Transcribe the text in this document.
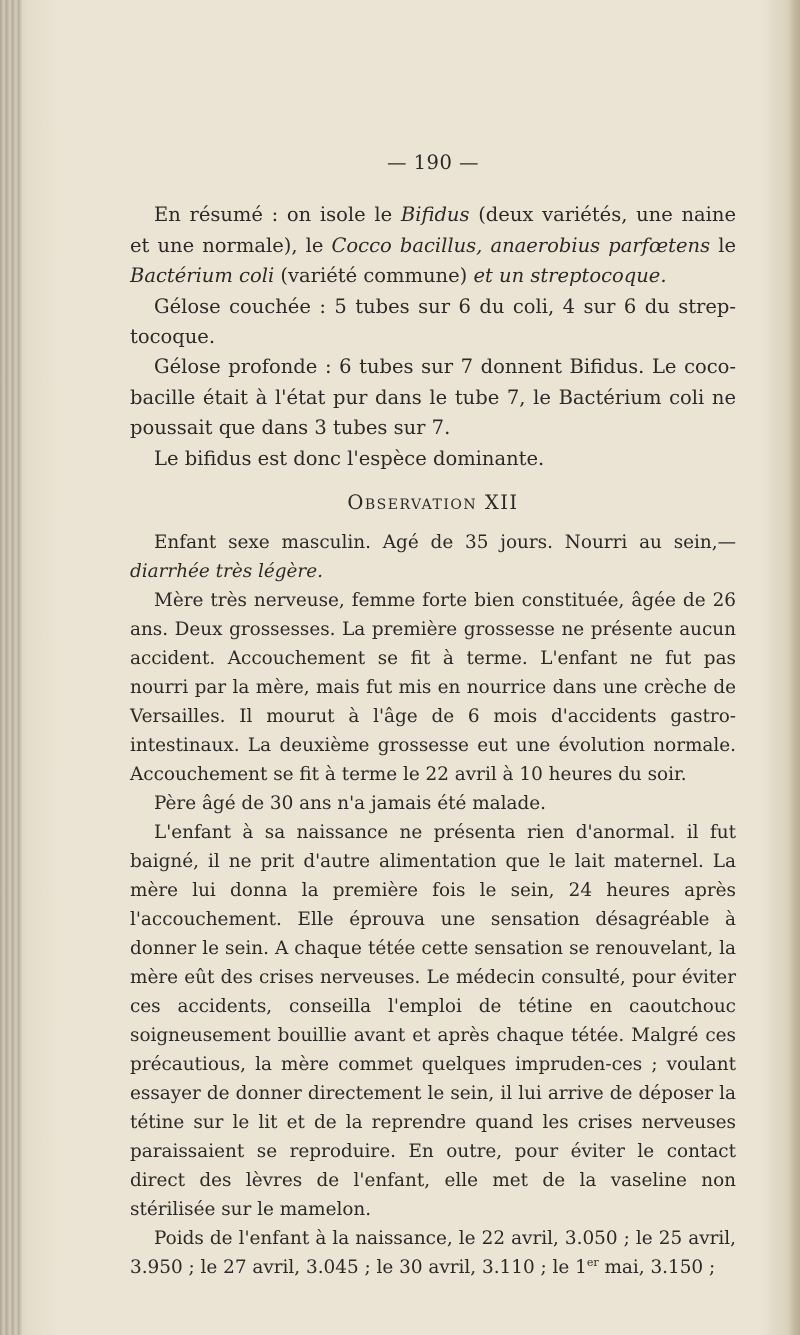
— 190 —

En résumé : on isole le Bifidus (deux variétés, une naine et une normale), le Cocco bacillus, anaerobius parfœtens le Bactérium coli (variété commune) et un streptocoque.

Gélose couchée : 5 tubes sur 6 du coli, 4 sur 6 du strep-tocoque.

Gélose profonde : 6 tubes sur 7 donnent Bifidus. Le coco-bacille était à l'état pur dans le tube 7, le Bactérium coli ne poussait que dans 3 tubes sur 7.

Le bifidus est donc l'espèce dominante.

Observation XII

Enfant sexe masculin. Agé de 35 jours. Nourri au sein,— diarrhée très légère.

Mère très nerveuse, femme forte bien constituée, âgée de 26 ans. Deux grossesses. La première grossesse ne présente aucun accident. Accouchement se fit à terme. L'enfant ne fut pas nourri par la mère, mais fut mis en nourrice dans une crèche de Versailles. Il mourut à l'âge de 6 mois d'accidents gastro-intestinaux. La deuxième grossesse eut une évolution normale. Accouchement se fit à terme le 22 avril à 10 heures du soir.

Père âgé de 30 ans n'a jamais été malade.

L'enfant à sa naissance ne présenta rien d'anormal. il fut baigné, il ne prit d'autre alimentation que le lait maternel. La mère lui donna la première fois le sein, 24 heures après l'accouchement. Elle éprouva une sensation désagréable à donner le sein. A chaque tétée cette sensation se renouvelant, la mère eût des crises nerveuses. Le médecin consulté, pour éviter ces accidents, conseilla l'emploi de tétine en caoutchouc soigneusement bouillie avant et après chaque tétée. Malgré ces précautious, la mère commet quelques impruden-ces ; voulant essayer de donner directement le sein, il lui arrive de déposer la tétine sur le lit et de la reprendre quand les crises nerveuses paraissaient se reproduire. En outre, pour éviter le contact direct des lèvres de l'enfant, elle met de la vaseline non stérilisée sur le mamelon.

Poids de l'enfant à la naissance, le 22 avril, 3.050 ; le 25 avril, 3.950 ; le 27 avril, 3.045 ; le 30 avril, 3.110 ; le 1er mai, 3.150 ;
